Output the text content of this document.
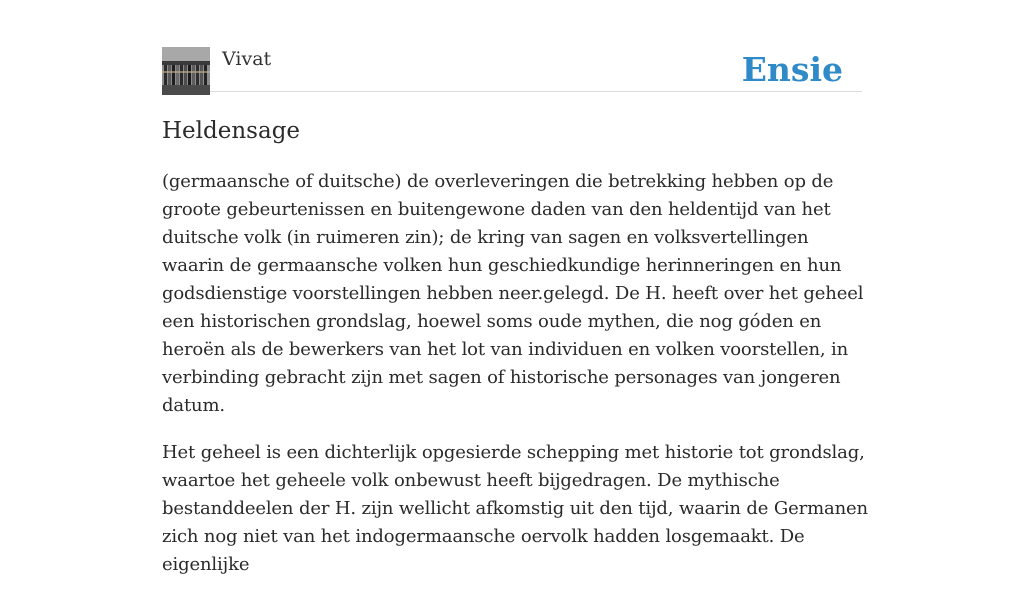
Vivat	Ensie
Heldensage

(germaansche of duitsche) de overleveringen die betrekking hebben op de groote gebeurtenissen en buitengewone daden van den heldentijd van het duitsche volk (in ruimeren zin); de kring van sagen en volksvertellingen waarin de germaansche volken hun geschiedkundige herinneringen en hun godsdienstige voorstellingen hebben neer.gelegd. De H. heeft over het geheel een historischen grondslag, hoewel soms oude mythen, die nog góden en heroën als de bewerkers van het lot van individuen en volken voorstellen, in verbinding gebracht zijn met sagen of historische personages van jongeren datum.

Het geheel is een dichterlijk opgesierde schepping met historie tot grondslag, waartoe het geheele volk onbewust heeft bijgedragen. De mythische bestanddeelen der H. zijn wellicht afkomstig uit den tijd, waarin de Germanen zich nog niet van het indogermaansche oervolk hadden losgemaakt. De eigenlijke
